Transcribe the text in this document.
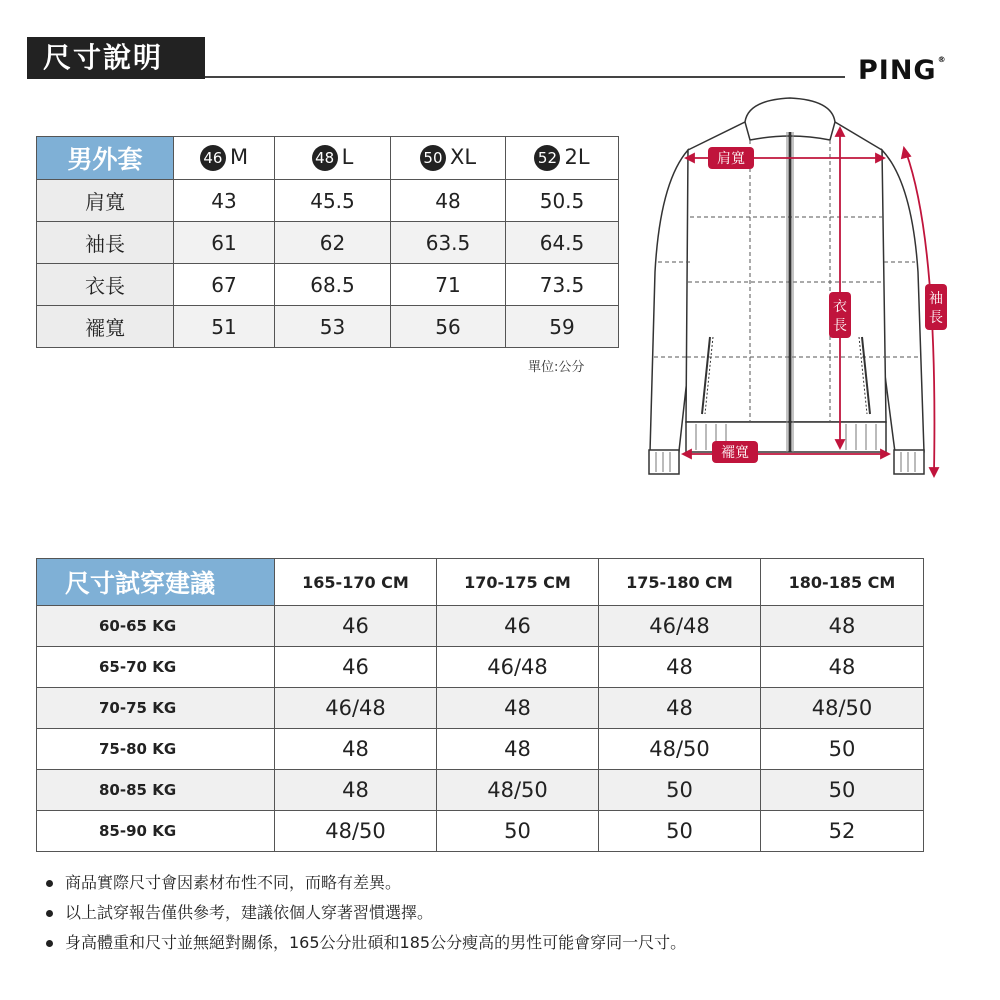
尺寸說明	PING®
男外套	46 M	48 L	50 XL	52 2L
肩寬	43	45.5	48	50.5
袖長	61	62	63.5	64.5
衣長	67	68.5	71	73.5
襬寬	51	53	56	59
單位:公分
肩寬
衣
長
袖
長
襬寬
尺寸試穿建議	165-170 CM	170-175 CM	175-180 CM	180-185 CM
60-65 KG	46	46	46/48	48
65-70 KG	46	46/48	48	48
70-75 KG	46/48	48	48	48/50
75-80 KG	48	48	48/50	50
80-85 KG	48	48/50	50	50
85-90 KG	48/50	50	50	52
商品實際尺寸會因素材布性不同，而略有差異。
以上試穿報告僅供參考，建議依個人穿著習慣選擇。
身高體重和尺寸並無絕對關係，165公分壯碩和185公分瘦高的男性可能會穿同一尺寸。
